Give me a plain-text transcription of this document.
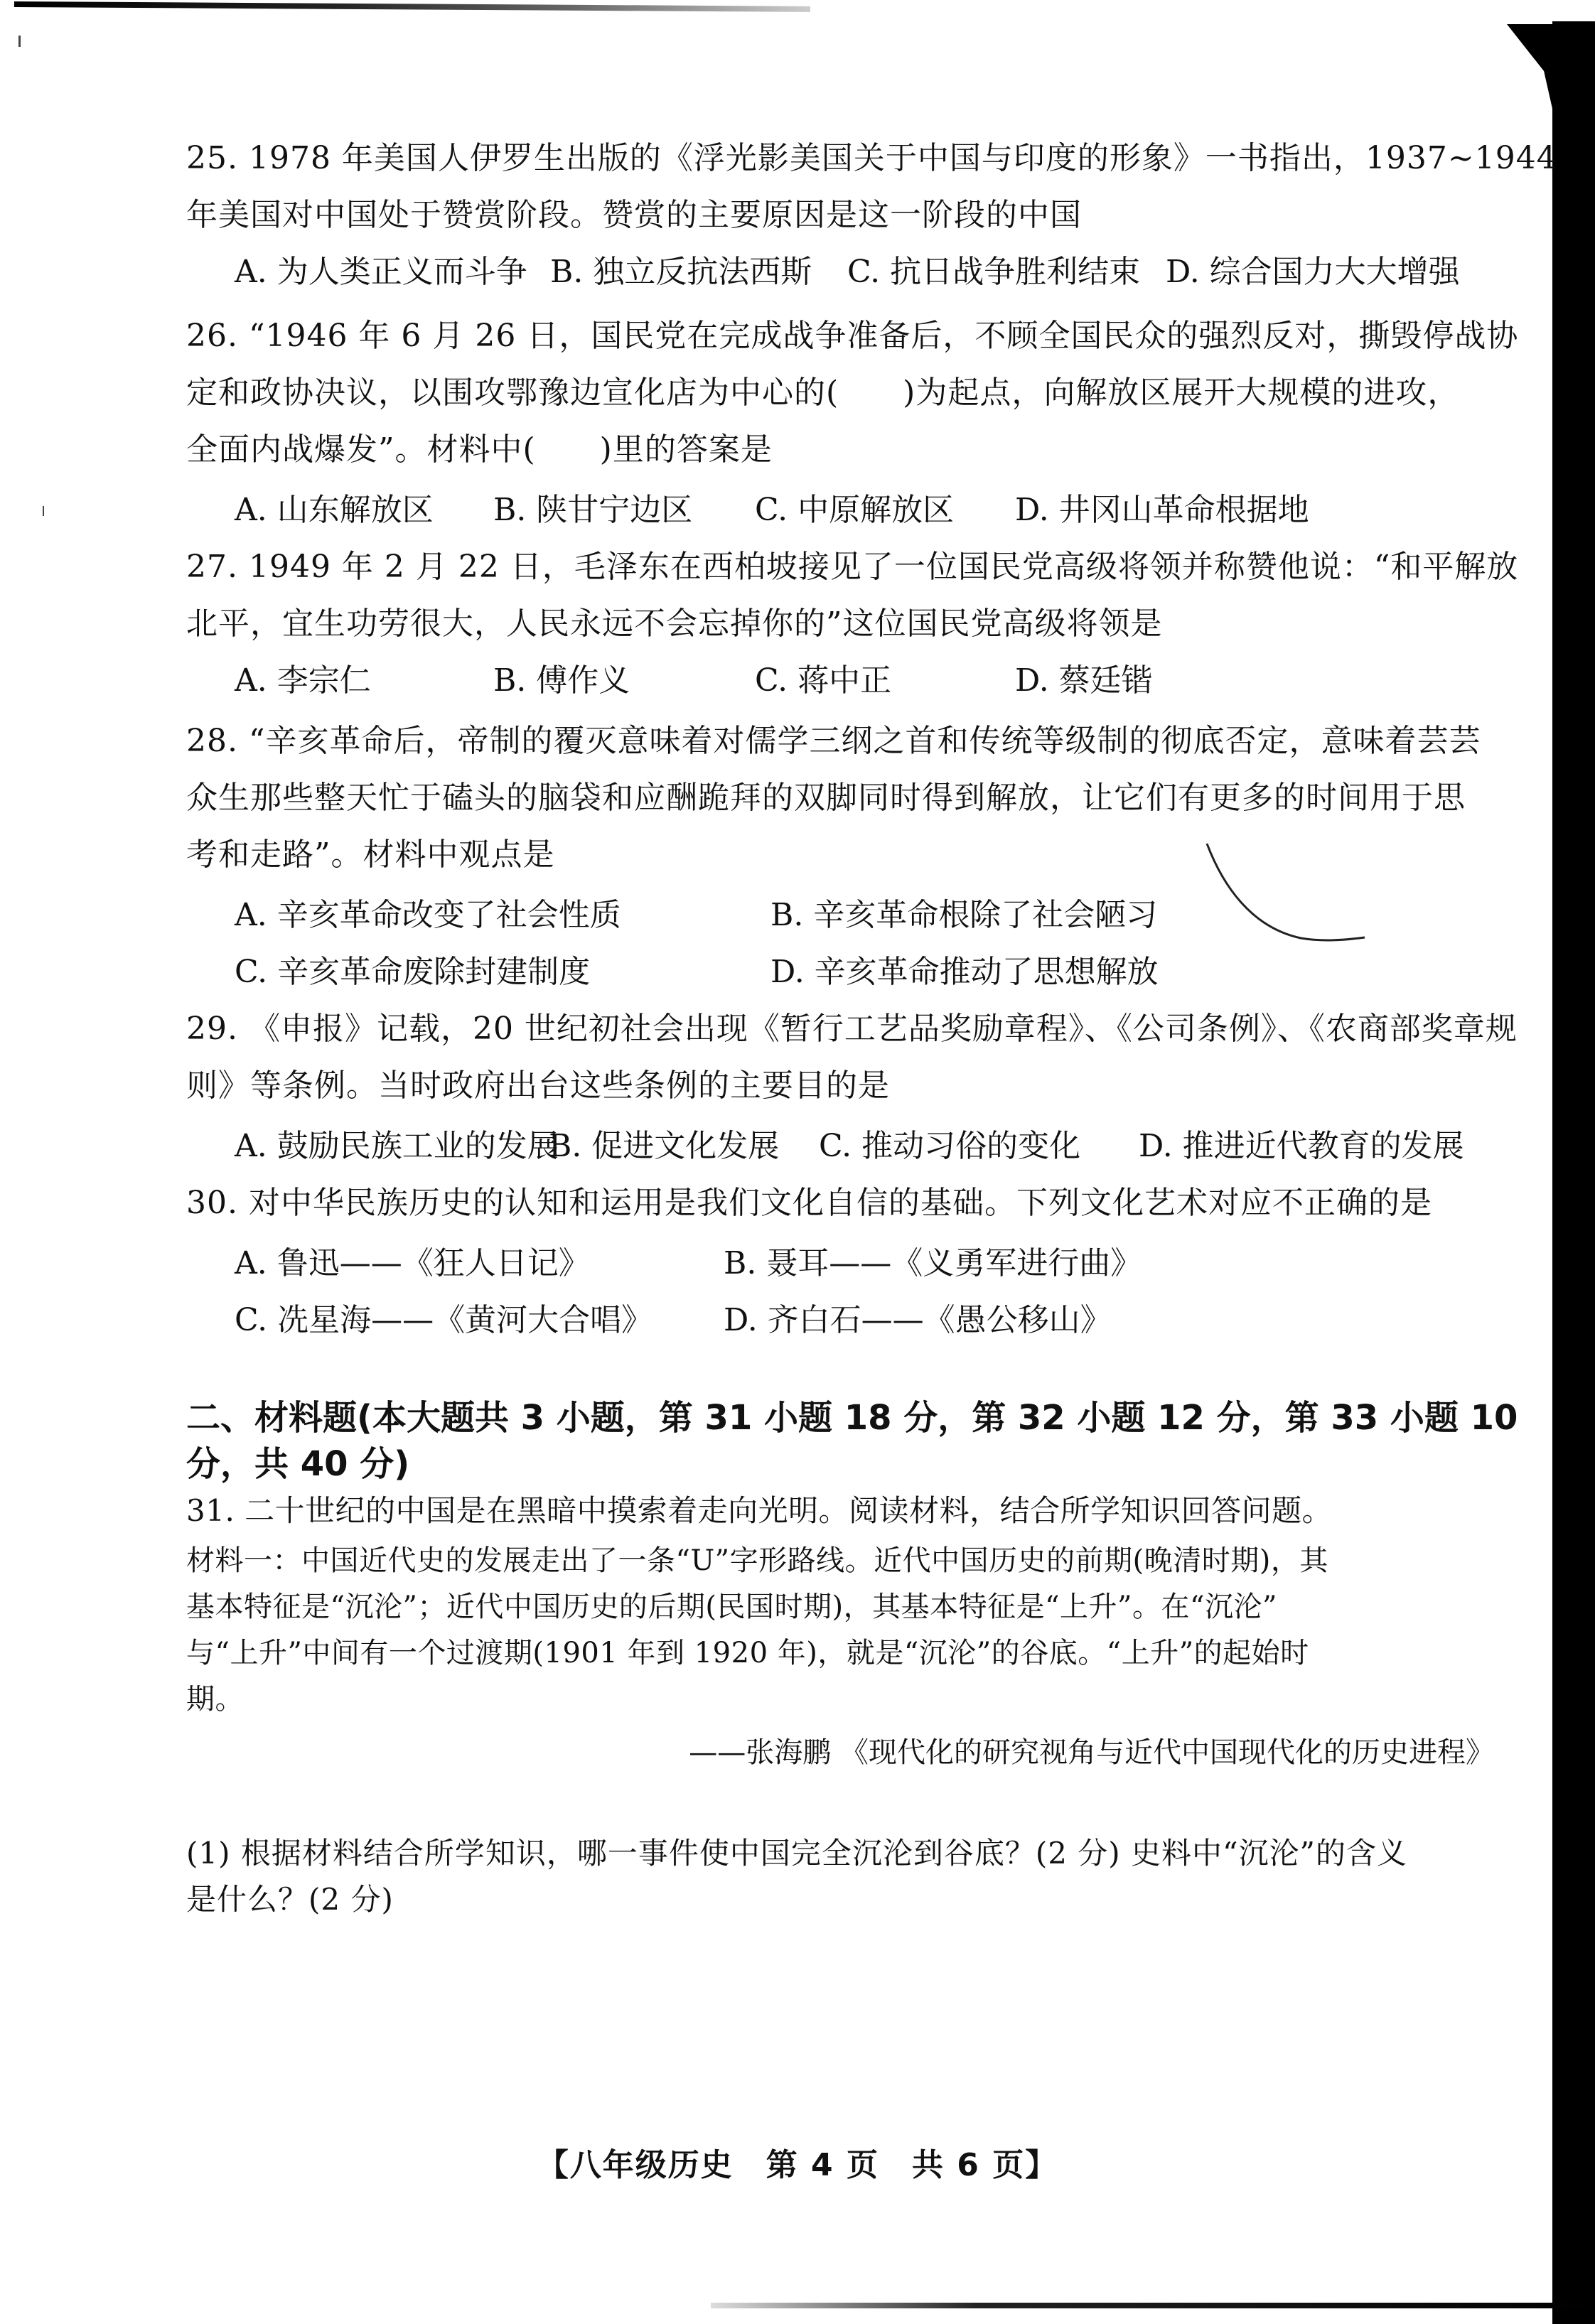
25. 1978 年美国人伊罗生出版的《浮光影美国关于中国与印度的形象》一书指出，1937~1944
年美国对中国处于赞赏阶段。赞赏的主要原因是这一阶段的中国
A. 为人类正义而斗争 B. 独立反抗法西斯 C. 抗日战争胜利结束 D. 综合国力大大增强
26. “1946 年 6 月 26 日，国民党在完成战争准备后，不顾全国民众的强烈反对，撕毁停战协
定和政协决议，以围攻鄂豫边宣化店为中心的(　　)为起点，向解放区展开大规模的进攻，
全面内战爆发”。材料中(　　)里的答案是
A. 山东解放区 B. 陕甘宁边区 C. 中原解放区 D. 井冈山革命根据地
27. 1949 年 2 月 22 日，毛泽东在西柏坡接见了一位国民党高级将领并称赞他说：“和平解放
北平，宜生功劳很大，人民永远不会忘掉你的”这位国民党高级将领是
A. 李宗仁	B. 傅作义	C. 蒋中正	D. 蔡廷锴
28. “辛亥革命后，帝制的覆灭意味着对儒学三纲之首和传统等级制的彻底否定，意味着芸芸
众生那些整天忙于磕头的脑袋和应酬跪拜的双脚同时得到解放，让它们有更多的时间用于思
考和走路”。材料中观点是
A. 辛亥革命改变了社会性质	B. 辛亥革命根除了社会陋习
C. 辛亥革命废除封建制度	D. 辛亥革命推动了思想解放
29. 《申报》记载，20 世纪初社会出现《暂行工艺品奖励章程》、《公司条例》、《农商部奖章规
则》等条例。当时政府出台这些条例的主要目的是
A. 鼓励民族工业的发展
B. 促进文化发展 C. 推动习俗的变化 D. 推进近代教育的发展
30. 对中华民族历史的认知和运用是我们文化自信的基础。下列文化艺术对应不正确的是
A. 鲁迅——《狂人日记》	B. 聂耳——《义勇军进行曲》
C. 冼星海——《黄河大合唱》 D. 齐白石——《愚公移山》
二、材料题(本大题共 3 小题，第 31 小题 18 分，第 32 小题 12 分，第 33 小题 10
分，共 40 分)
31. 二十世纪的中国是在黑暗中摸索着走向光明。阅读材料，结合所学知识回答问题。
材料一：中国近代史的发展走出了一条“U”字形路线。近代中国历史的前期(晚清时期)，其
基本特征是“沉沦”；近代中国历史的后期(民国时期)，其基本特征是“上升”。在“沉沦”
与“上升”中间有一个过渡期(1901 年到 1920 年)，就是“沉沦”的谷底。“上升”的起始时
期。
——张海鹏 《现代化的研究视角与近代中国现代化的历史进程》
(1) 根据材料结合所学知识，哪一事件使中国完全沉沦到谷底？(2 分) 史料中“沉沦”的含义
是什么？(2 分)
【八年级历史　第 4 页　共 6 页】
